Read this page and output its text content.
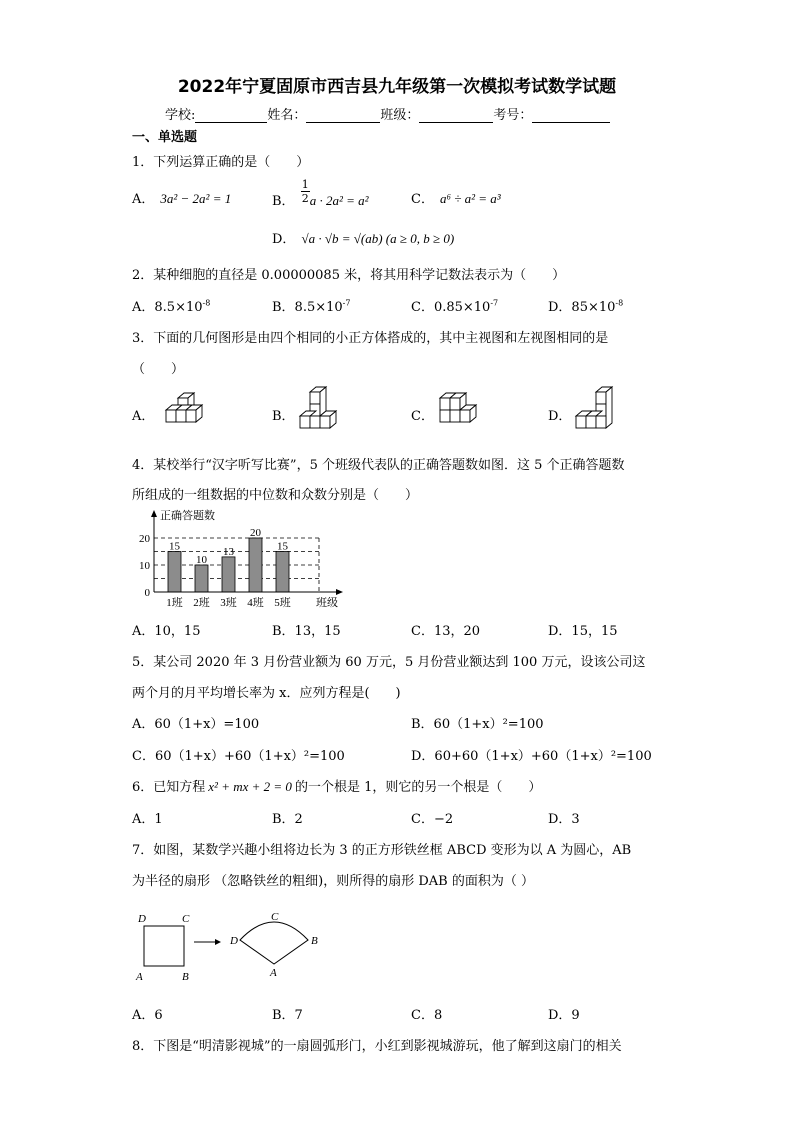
2022年宁夏固原市西吉县九年级第一次模拟考试数学试题
学校:	姓名：	班级：	考号：
一、单选题
1．下列运算正确的是（　　）
A． 3a² − 2a² = 1	B． $\frac{1}{2}$ a · 2a² = a²	C． a⁶ ÷ a² = a³
D． √a · √b = √(ab) (a ≥ 0, b ≥ 0)
2．某种细胞的直径是 0.00000085 米，将其用科学记数法表示为（　　）
A．$8.5\times 10^{-8}$	B．$8.5\times 10^{-7}$	C．$0.85\times 10^{-7}$	D．$85\times 10^{-8}$
3．下面的几何图形是由四个相同的小正方体搭成的，其中主视图和左视图相同的是
（　　）
A．	B．	C．	D．
4．某校举行“汉字听写比赛”，5 个班级代表队的正确答题数如图．这 5 个正确答题数
所组成的一组数据的中位数和众数分别是（　　）
正确答题数
0
10
20
15
1班
10
2班
13
3班
20
4班
15
5班 班级
A．10，15	B．13，15	C．13，20	D．15，15
5．某公司 2020 年 3 月份营业额为 60 万元，5 月份营业额达到 100 万元，设该公司这
两个月的月平均增长率为 x．应列方程是(　　)
A．60（1+x）=100	B．60（1+x）²=100
C．60（1+x）+60（1+x）²=100	D．60+60（1+x）+60（1+x）²=100
6．已知方程 x² + mx + 2 = 0 的一个根是 1，则它的另一个根是（　　）
A．1	B．2	C．−2	D．3
7．如图，某数学兴趣小组将边长为 3 的正方形铁丝框 ABCD 变形为以 A 为圆心，AB
为半径的扇形 （忽略铁丝的粗细)，则所得的扇形 DAB 的面积为（ ）
D	C
A	B
C
D	B
A
A．6	B．7	C．8	D．9
8．下图是“明清影视城”的一扇圆弧形门，小红到影视城游玩，他了解到这扇门的相关
